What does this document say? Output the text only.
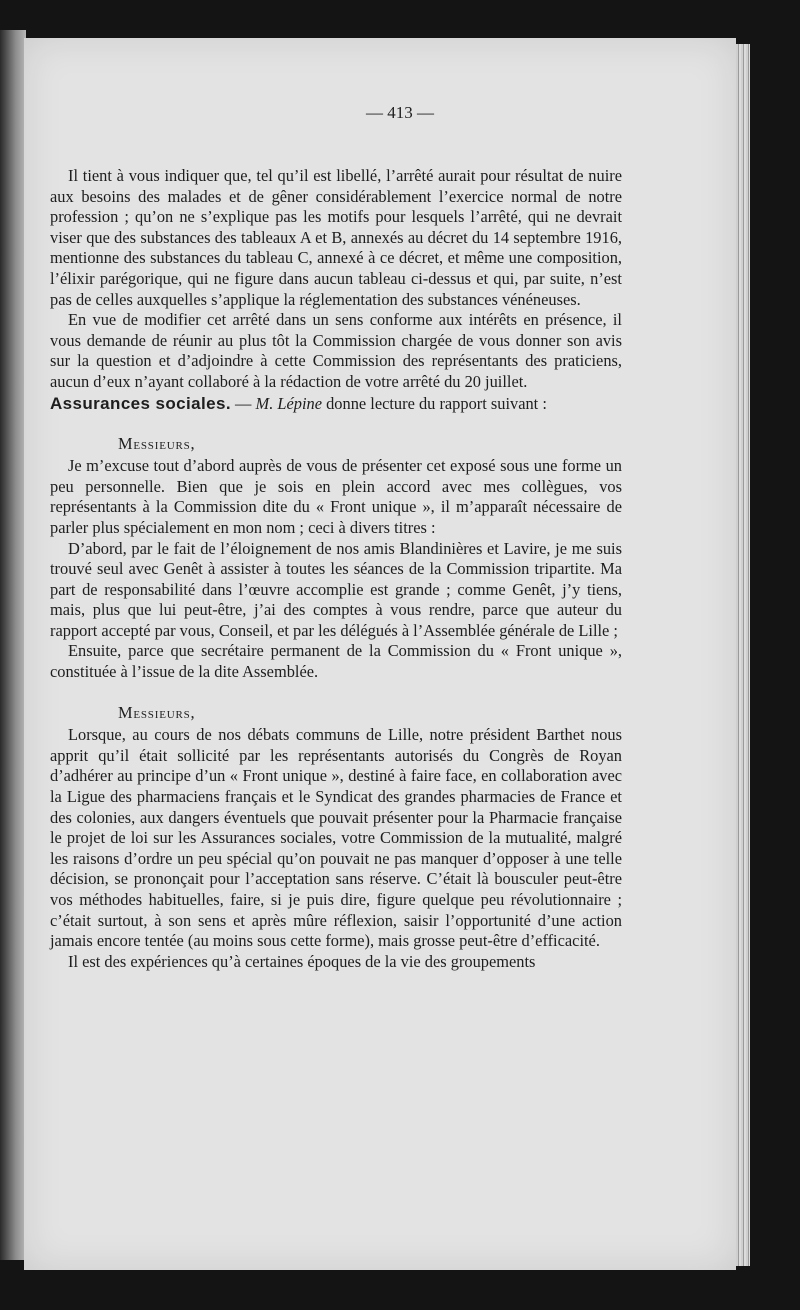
— 413 —

Il tient à vous indiquer que, tel qu’il est libellé, l’arrêté aurait pour résultat de nuire aux besoins des malades et de gêner considérablement l’exercice normal de notre profession ; qu’on ne s’explique pas les motifs pour lesquels l’arrêté, qui ne devrait viser que des substances des tableaux A et B, annexés au décret du 14 septembre 1916, mentionne des substances du tableau C, annexé à ce décret, et même une composition, l’élixir parégorique, qui ne figure dans aucun tableau ci-dessus et qui, par suite, n’est pas de celles auxquelles s’applique la réglementation des substances vénéneuses.

En vue de modifier cet arrêté dans un sens conforme aux intérêts en présence, il vous demande de réunir au plus tôt la Commission chargée de vous donner son avis sur la question et d’adjoindre à cette Commission des représentants des praticiens, aucun d’eux n’ayant collaboré à la rédaction de votre arrêté du 20 juillet.

Assurances sociales. — M. Lépine donne lecture du rapport suivant :

Messieurs,

Je m’excuse tout d’abord auprès de vous de présenter cet exposé sous une forme un peu personnelle. Bien que je sois en plein accord avec mes collègues, vos représentants à la Commission dite du « Front unique », il m’apparaît nécessaire de parler plus spécialement en mon nom ; ceci à divers titres :

D’abord, par le fait de l’éloignement de nos amis Blandinières et Lavire, je me suis trouvé seul avec Genêt à assister à toutes les séances de la Commission tripartite. Ma part de responsabilité dans l’œuvre accomplie est grande ; comme Genêt, j’y tiens, mais, plus que lui peut-être, j’ai des comptes à vous rendre, parce que auteur du rapport accepté par vous, Conseil, et par les délégués à l’Assemblée générale de Lille ;

Ensuite, parce que secrétaire permanent de la Commission du « Front unique », constituée à l’issue de la dite Assemblée.

Messieurs,

Lorsque, au cours de nos débats communs de Lille, notre président Barthet nous apprit qu’il était sollicité par les représentants autorisés du Congrès de Royan d’adhérer au principe d’un « Front unique », destiné à faire face, en collaboration avec la Ligue des pharmaciens français et le Syndicat des grandes pharmacies de France et des colonies, aux dangers éventuels que pouvait présenter pour la Pharmacie française le projet de loi sur les Assurances sociales, votre Commission de la mutualité, malgré les raisons d’ordre un peu spécial qu’on pouvait ne pas manquer d’opposer à une telle décision, se prononçait pour l’acceptation sans réserve. C’était là bousculer peut-être vos méthodes habituelles, faire, si je puis dire, figure quelque peu révolutionnaire ; c’était surtout, à son sens et après mûre réflexion, saisir l’opportunité d’une action jamais encore tentée (au moins sous cette forme), mais grosse peut-être d’efficacité.

Il est des expériences qu’à certaines époques de la vie des groupements
